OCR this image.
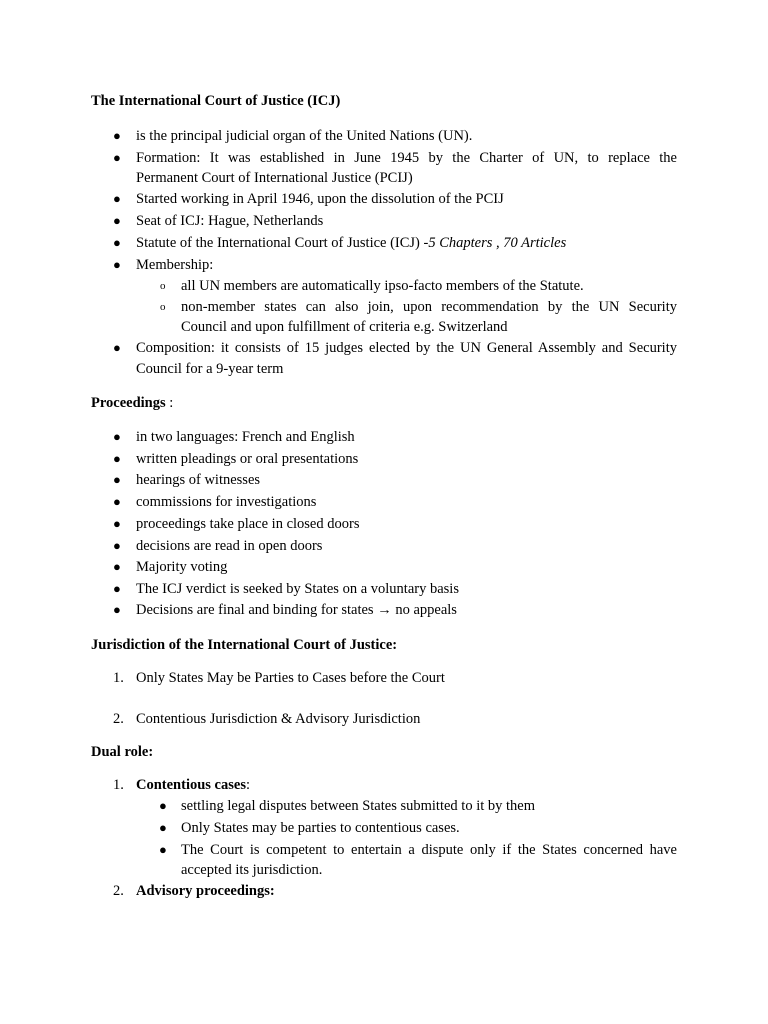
The International Court of Justice (ICJ)
● is the principal judicial organ of the United Nations (UN).
● Formation: It was established in June 1945 by the Charter of UN, to replace the
Permanent Court of International Justice (PCIJ)
● Started working in April 1946, upon the dissolution of the PCIJ
● Seat of ICJ: Hague, Netherlands
● Statute of the International Court of Justice (ICJ) -5 Chapters , 70 Articles
● Membership:
o all UN members are automatically ipso-facto members of the Statute.
o non-member states can also join, upon recommendation by the UN Security
Council and upon fulfillment of criteria e.g. Switzerland
● Composition: it consists of 15 judges elected by the UN General Assembly and Security
Council for a 9-year term
Proceedings :
● in two languages: French and English
● written pleadings or oral presentations
● hearings of witnesses
● commissions for investigations
● proceedings take place in closed doors
● decisions are read in open doors
● Majority voting
● The ICJ verdict is seeked by States on a voluntary basis
● Decisions are final and binding for states → no appeals
Jurisdiction of the International Court of Justice:
1. Only States May be Parties to Cases before the Court
2. Contentious Jurisdiction & Advisory Jurisdiction
Dual role:
1. Contentious cases:
● settling legal disputes between States submitted to it by them
● Only States may be parties to contentious cases.
● The Court is competent to entertain a dispute only if the States concerned have
accepted its jurisdiction.
2. Advisory proceedings:
